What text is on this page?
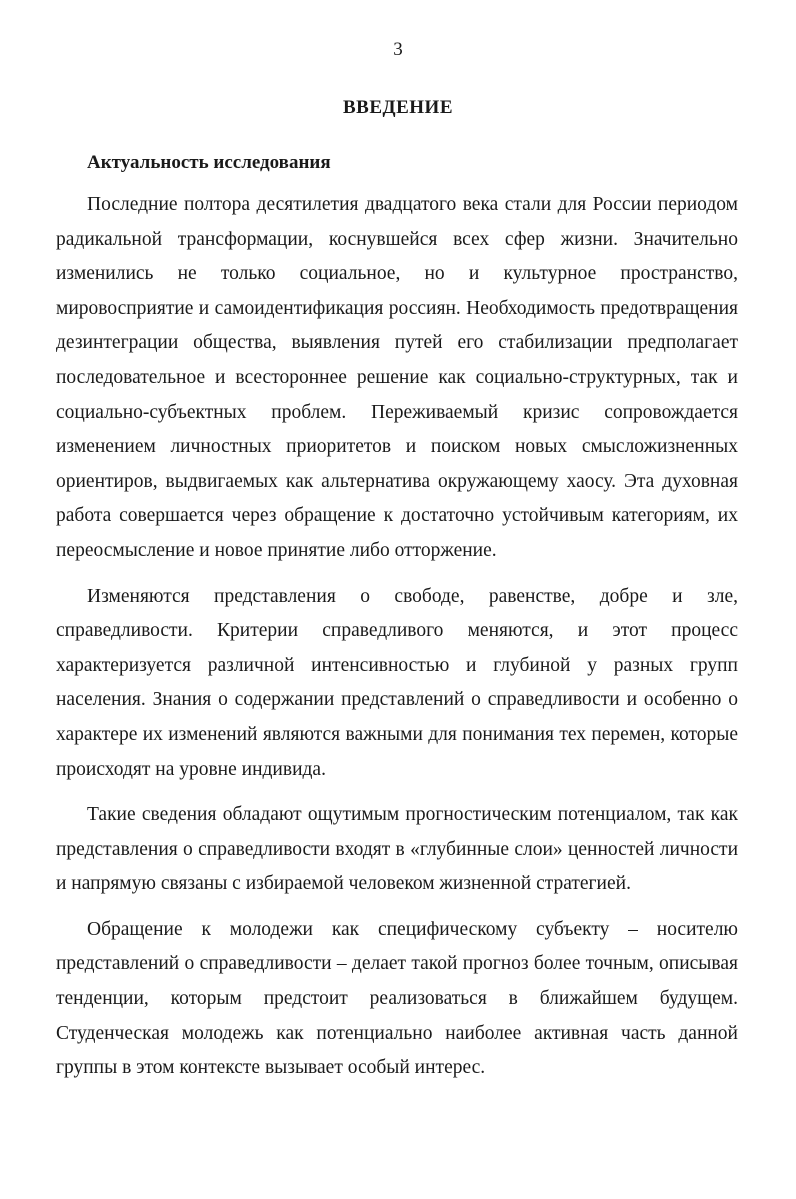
3
ВВЕДЕНИЕ
Актуальность исследования

Последние полтора десятилетия двадцатого века стали для России периодом радикальной трансформации, коснувшейся всех сфер жизни. Значительно изменились не только социальное, но и культурное пространство, мировосприятие и самоидентификация россиян. Необходимость предотвращения дезинтеграции общества, выявления путей его стабилизации предполагает последовательное и всестороннее решение как социально-структурных, так и социально-субъектных проблем. Переживаемый кризис сопровождается изменением личностных приоритетов и поиском новых смысложизненных ориентиров, выдвигаемых как альтернатива окружающему хаосу. Эта духовная работа совершается через обращение к достаточно устойчивым категориям, их переосмысление и новое принятие либо отторжение.

Изменяются представления о свободе, равенстве, добре и зле, справедливости. Критерии справедливого меняются, и этот процесс характеризуется различной интенсивностью и глубиной у разных групп населения. Знания о содержании представлений о справедливости и особенно о характере их изменений являются важными для понимания тех перемен, которые происходят на уровне индивида.

Такие сведения обладают ощутимым прогностическим потенциалом, так как представления о справедливости входят в «глубинные слои» ценностей личности и напрямую связаны с избираемой человеком жизненной стратегией.

Обращение к молодежи как специфическому субъекту – носителю представлений о справедливости – делает такой прогноз более точным, описывая тенденции, которым предстоит реализоваться в ближайшем будущем. Студенческая молодежь как потенциально наиболее активная часть данной группы в этом контексте вызывает особый интерес.
